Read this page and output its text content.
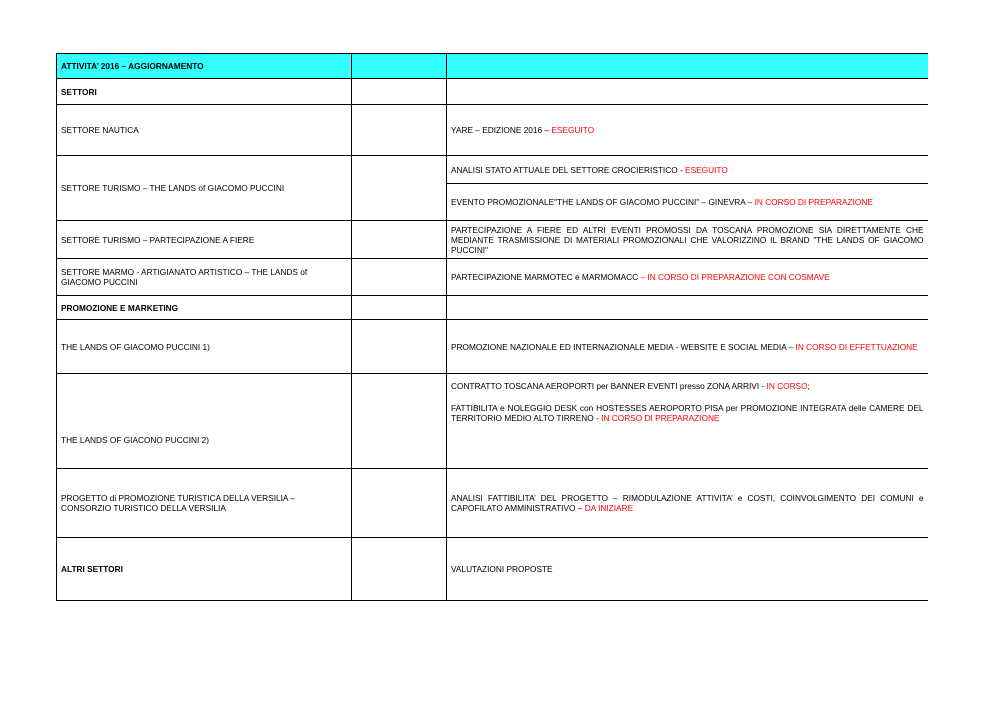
ATTIVITA’ 2016 – AGGIORNAMENTO		
SETTORI		
SETTORE NAUTICA		YARE – EDIZIONE 2016 – ESEGUITO
SETTORE TURISMO – THE LANDS of GIACOMO PUCCINI		ANALISI STATO ATTUALE DEL SETTORE CROCIERISTICO - ESEGUITO
EVENTO PROMOZIONALE"THE LANDS OF GIACOMO PUCCINI" – GINEVRA – IN CORSO DI PREPARAZIONE

SETTORE TURISMO – PARTECIPAZIONE A FIERE		PARTECIPAZIONE A FIERE ED ALTRI EVENTI PROMOSSI DA TOSCANA PROMOZIONE SIA DIRETTAMENTE CHE MEDIANTE TRASMISSIONE DI MATERIALI PROMOZIONALI CHE VALORIZZINO IL BRAND "THE LANDS OF GIACOMO PUCCINI"
SETTORE MARMO - ARTIGIANATO ARTISTICO – THE LANDS of GIACOMO PUCCINI		PARTECIPAZIONE MARMOTEC e MARMOMACC – IN CORSO DI PREPARAZIONE CON COSMAVE
PROMOZIONE E MARKETING		
THE LANDS OF GIACOMO PUCCINI 1)		PROMOZIONE NAZIONALE ED INTERNAZIONALE MEDIA - WEBSITE E SOCIAL MEDIA – IN CORSO DI EFFETTUAZIONE
THE LANDS OF GIACONO PUCCINI 2)		CONTRATTO TOSCANA AEROPORTI per BANNER EVENTI presso ZONA ARRIVI - IN CORSO;
FATTIBILITA e NOLEGGIO DESK con HOSTESSES AEROPORTO PISA per PROMOZIONE INTEGRATA delle CAMERE DEL TERRITORIO MEDIO ALTO TIRRENO - IN CORSO DI PREPARAZIONE

PROGETTO di PROMOZIONE TURISTICA DELLA VERSILIA – CONSORZIO TURISTICO DELLA VERSILIA		ANALISI FATTIBILITA’ DEL PROGETTO – RIMODULAZIONE ATTIVITA’ e COSTI, COINVOLGIMENTO DEI COMUNI e CAPOFILATO AMMINISTRATIVO – DA INIZIARE
ALTRI SETTORI		VALUTAZIONI PROPOSTE
